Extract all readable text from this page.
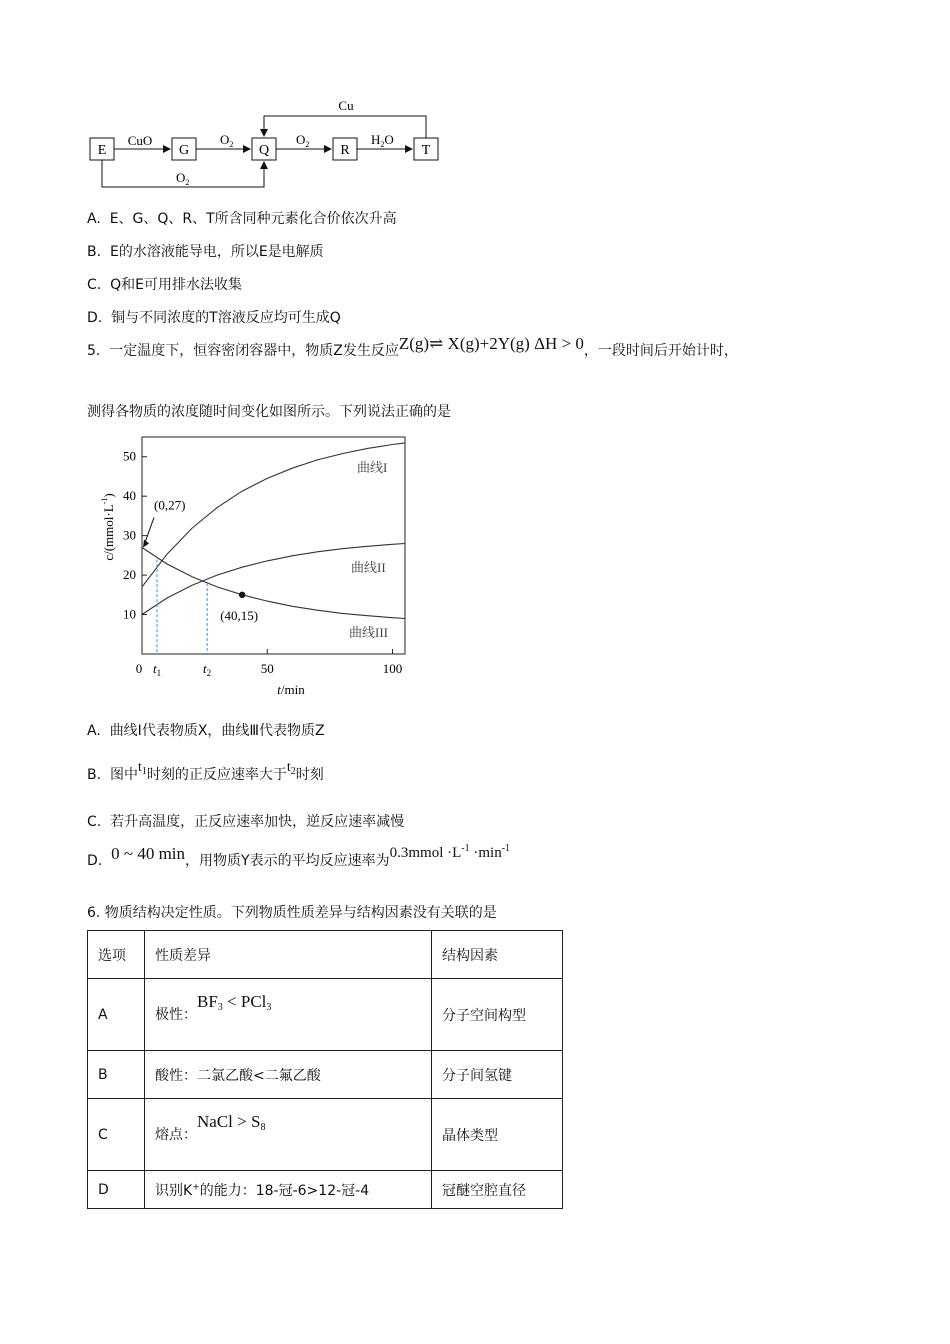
E	G	Q	R	T
CuO	$O_2$	$O_2$	$H_2O$
Cu
$O_2$
A. E、G、Q、R、T所含同种元素化合价依次升高
B. E的水溶液能导电，所以E是电解质
C. Q和E可用排水法收集
D. 铜与不同浓度的T溶液反应均可生成Q
5. 一定温度下，恒容密闭容器中，物质Z发生反应Z(g)⇌ X(g)+2Y(g) ΔH > 0，一段时间后开始计时，
测得各物质的浓度随时间变化如图所示。下列说法正确的是
10
20
30
40
50
0	50	100
$t_1$	$t_2$
曲线I
曲线II
曲线III
(0,27)
(40,15)
$c/(mmol\cdot L^{-1})$
t/min
A. 曲线Ⅰ代表物质X，曲线Ⅲ代表物质Z
B. 图中$t_1$时刻的正反应速率大于$t_2$时刻
C. 若升高温度，正反应速率加快，逆反应速率减慢
D. 0 ~ 40 min，用物质Y表示的平均反应速率为0.3mmol $\cdot L^{-1} \cdot\min^{-1}$
6. 物质结构决定性质。下列物质性质差异与结构因素没有关联的是
选项	性质差异	结构因素
A	极性：$BF_3 < PCl_3$	分子空间构型
B	酸性：二氯乙酸<二氟乙酸	分子间氢键
C	熔点：NaCl > $S_8$	晶体类型
D	识别K+的能力：18-冠-6>12-冠-4	冠醚空腔直径
